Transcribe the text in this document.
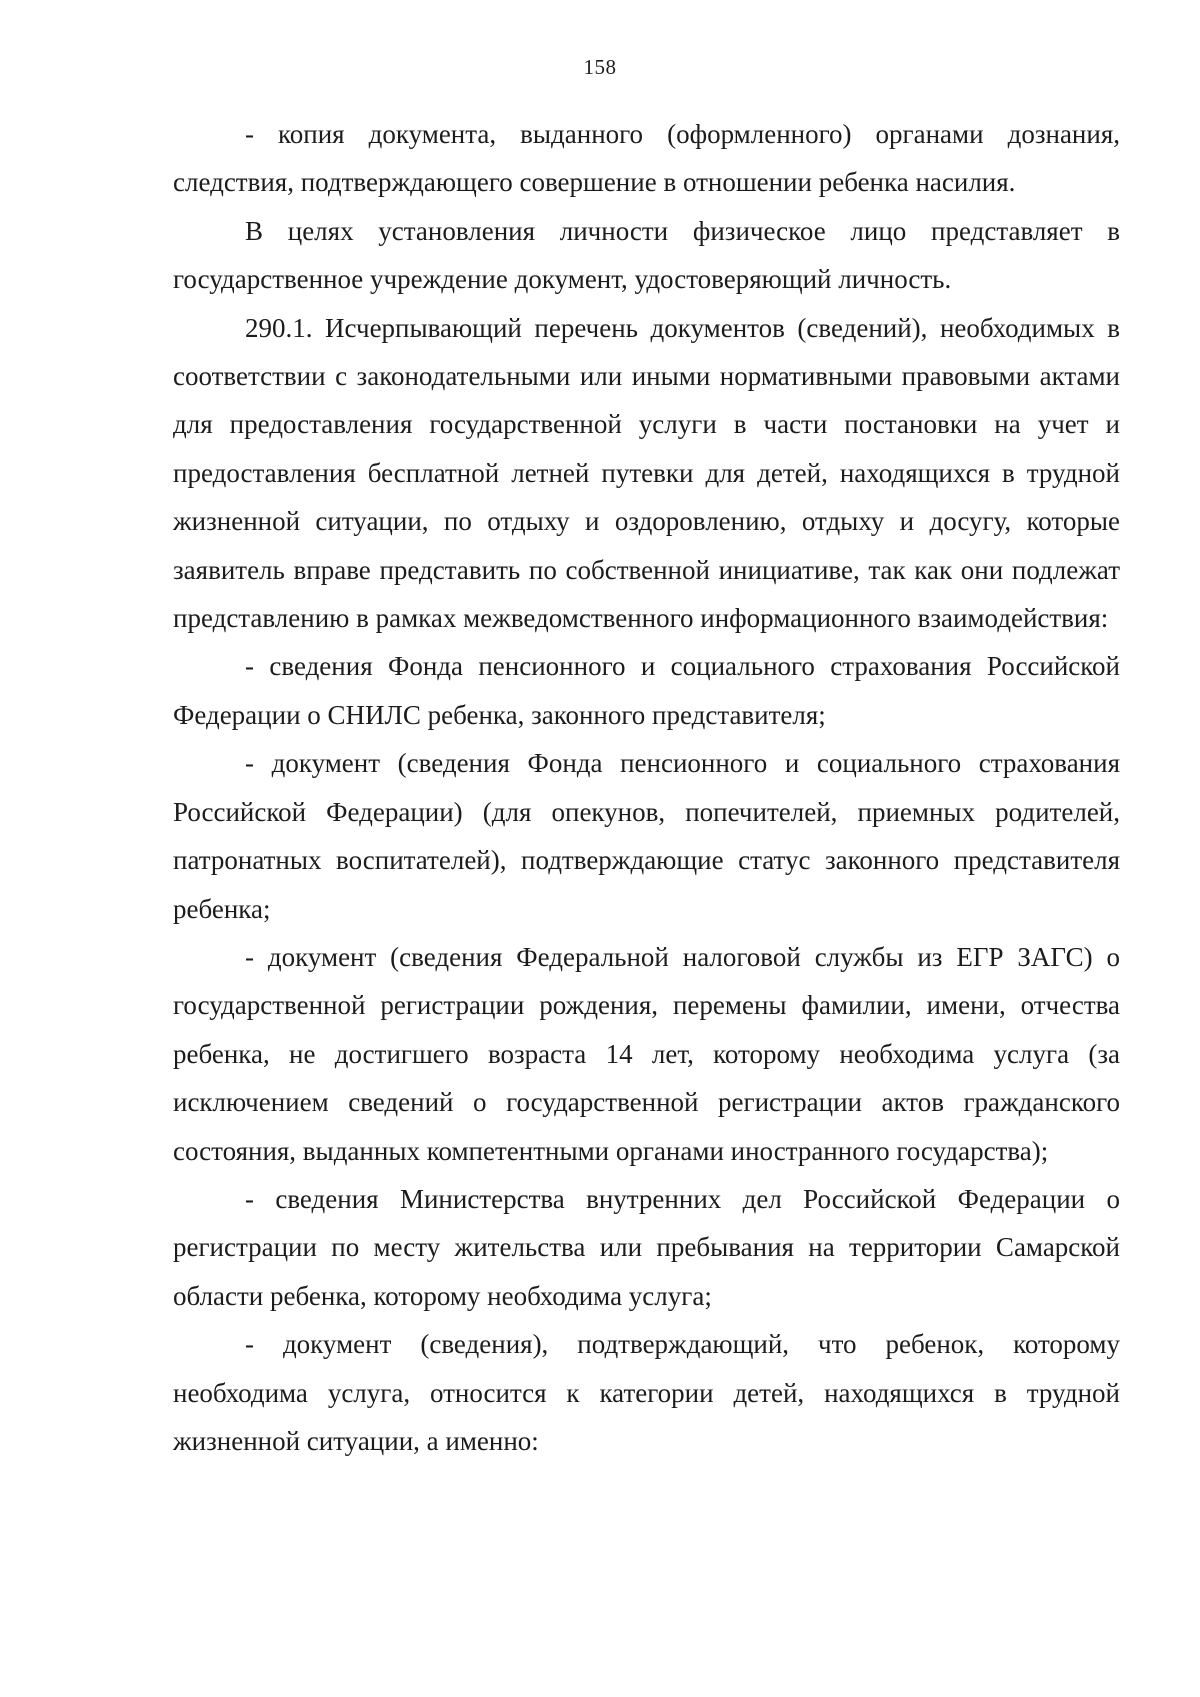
158

- копия документа, выданного (оформленного) органами дознания, следствия, подтверждающего совершение в отношении ребенка насилия.

В целях установления личности физическое лицо представляет в государственное учреждение документ, удостоверяющий личность.

290.1. Исчерпывающий перечень документов (сведений), необходимых в соответствии с законодательными или иными нормативными правовыми актами для предоставления государственной услуги в части постановки на учет и предоставления бесплатной летней путевки для детей, находящихся в трудной жизненной ситуации, по отдыху и оздоровлению, отдыху и досугу, которые заявитель вправе представить по собственной инициативе, так как они подлежат представлению в рамках межведомственного информационного взаимодействия:

- сведения Фонда пенсионного и социального страхования Российской Федерации о СНИЛС ребенка, законного представителя;

- документ (сведения Фонда пенсионного и социального страхования Российской Федерации) (для опекунов, попечителей, приемных родителей, патронатных воспитателей), подтверждающие статус законного представителя ребенка;

- документ (сведения Федеральной налоговой службы из ЕГР ЗАГС) о государственной регистрации рождения, перемены фамилии, имени, отчества ребенка, не достигшего возраста 14 лет, которому необходима услуга (за исключением сведений о государственной регистрации актов гражданского состояния, выданных компетентными органами иностранного государства);

- сведения Министерства внутренних дел Российской Федерации о регистрации по месту жительства или пребывания на территории Самарской области ребенка, которому необходима услуга;

- документ (сведения), подтверждающий, что ребенок, которому необходима услуга, относится к категории детей, находящихся в трудной жизненной ситуации, а именно:
